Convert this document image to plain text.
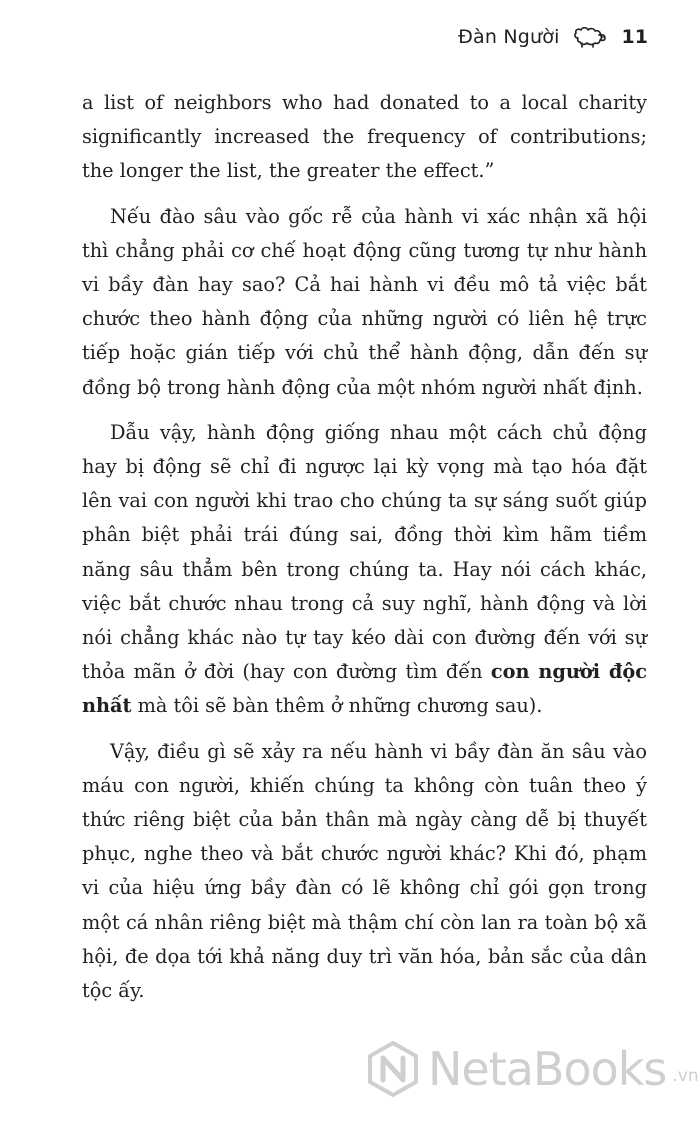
Đàn Người	11

a list of neighbors who had donated to a local charity significantly increased the frequency of contributions; the longer the list, the greater the effect.”

Nếu đào sâu vào gốc rễ của hành vi xác nhận xã hội thì chẳng phải cơ chế hoạt động cũng tương tự như hành vi bầy đàn hay sao? Cả hai hành vi đều mô tả việc bắt chước theo hành động của những người có liên hệ trực tiếp hoặc gián tiếp với chủ thể hành động, dẫn đến sự đồng bộ trong hành động của một nhóm người nhất định.

Dẫu vậy, hành động giống nhau một cách chủ động hay bị động sẽ chỉ đi ngược lại kỳ vọng mà tạo hóa đặt lên vai con người khi trao cho chúng ta sự sáng suốt giúp phân biệt phải trái đúng sai, đồng thời kìm hãm tiềm năng sâu thẳm bên trong chúng ta. Hay nói cách khác, việc bắt chước nhau trong cả suy nghĩ, hành động và lời nói chẳng khác nào tự tay kéo dài con đường đến với sự thỏa mãn ở đời (hay con đường tìm đến con người độc nhất mà tôi sẽ bàn thêm ở những chương sau).

Vậy, điều gì sẽ xảy ra nếu hành vi bầy đàn ăn sâu vào máu con người, khiến chúng ta không còn tuân theo ý thức riêng biệt của bản thân mà ngày càng dễ bị thuyết phục, nghe theo và bắt chước người khác? Khi đó, phạm vi của hiệu ứng bầy đàn có lẽ không chỉ gói gọn trong một cá nhân riêng biệt mà thậm chí còn lan ra toàn bộ xã hội, đe dọa tới khả năng duy trì văn hóa, bản sắc của dân tộc ấy.

NetaBooks .vn
